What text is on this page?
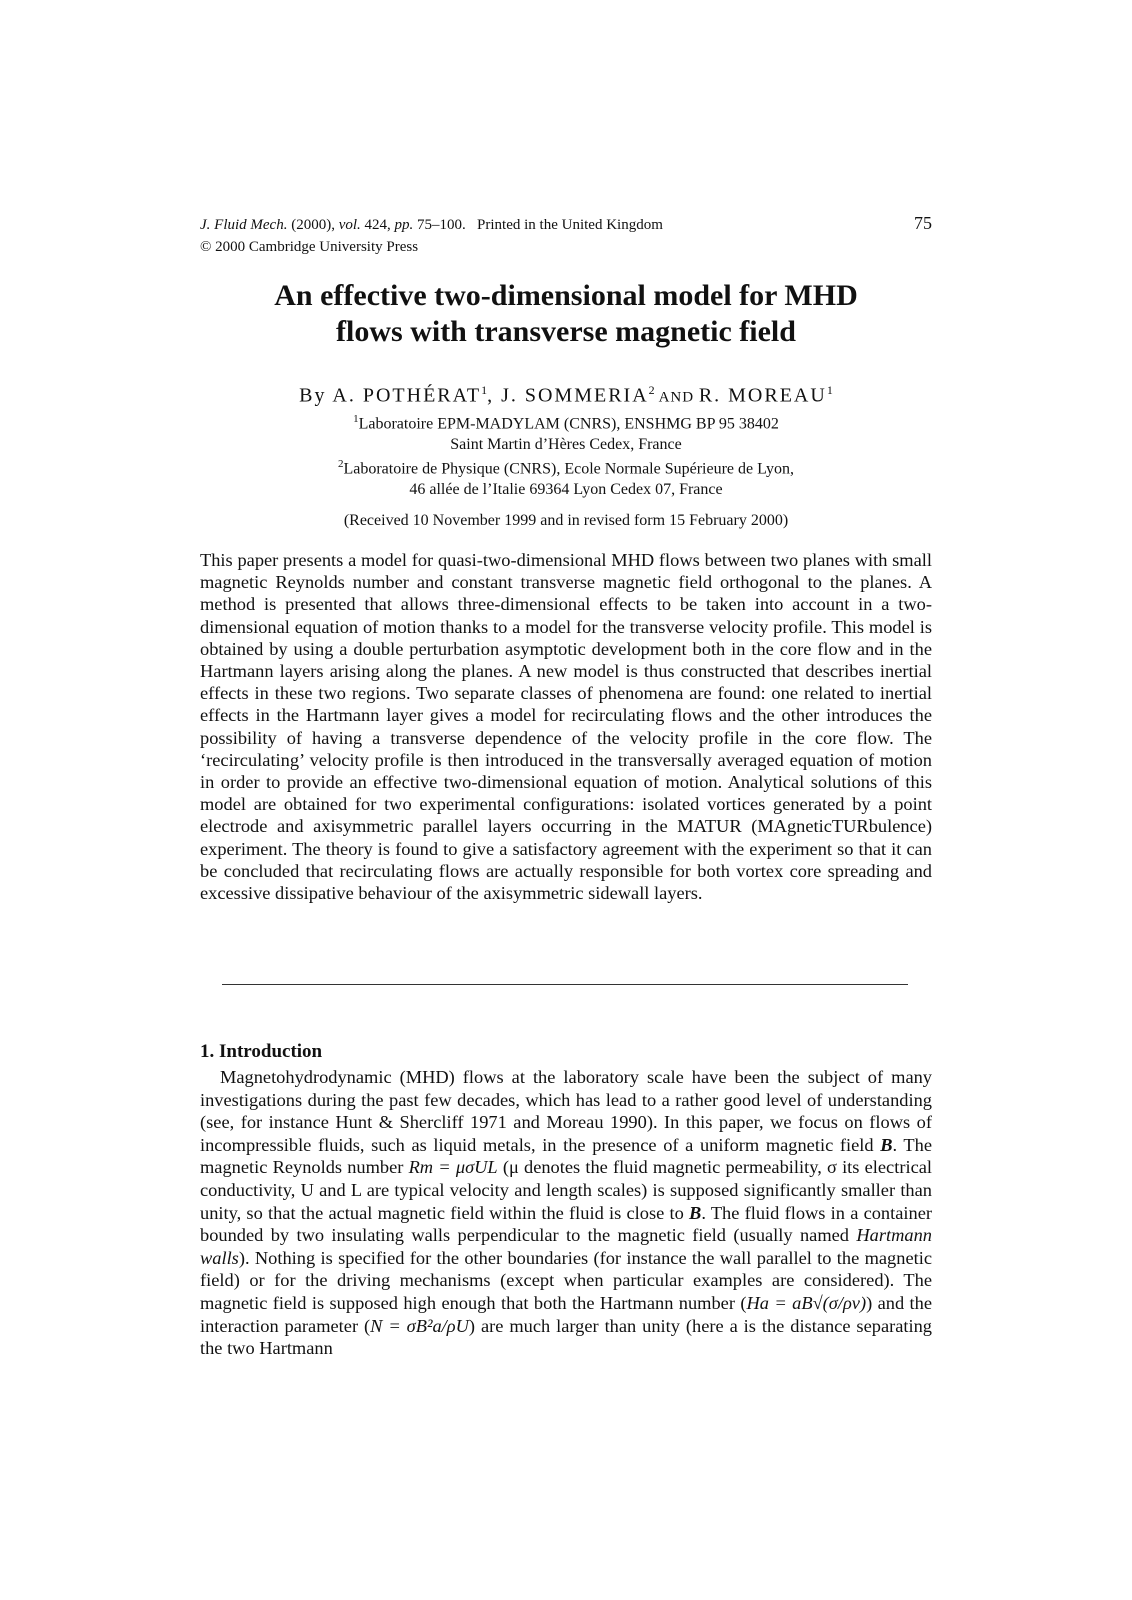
J. Fluid Mech. (2000), vol. 424, pp. 75–100. Printed in the United Kingdom	75
© 2000 Cambridge University Press
An effective two-dimensional model for MHD
flows with transverse magnetic field
By A. POTHÉRAT$^1$, J. SOMMERIA$^2$ AND R. MOREAU$^1$
$^1$Laboratoire EPM-MADYLAM (CNRS), ENSHMG BP 95 38402
Saint Martin d’Hères Cedex, France
$^2$Laboratoire de Physique (CNRS), Ecole Normale Supérieure de Lyon,
46 allée de l’Italie 69364 Lyon Cedex 07, France
(Received 10 November 1999 and in revised form 15 February 2000)
This paper presents a model for quasi-two-dimensional MHD flows between two planes with small magnetic Reynolds number and constant transverse magnetic field orthogonal to the planes. A method is presented that allows three-dimensional effects to be taken into account in a two-dimensional equation of motion thanks to a model for the transverse velocity profile. This model is obtained by using a double perturbation asymptotic development both in the core flow and in the Hartmann layers arising along the planes. A new model is thus constructed that describes inertial effects in these two regions. Two separate classes of phenomena are found: one related to inertial effects in the Hartmann layer gives a model for recirculating flows and the other introduces the possibility of having a transverse dependence of the velocity profile in the core flow. The ‘recirculating’ velocity profile is then introduced in the transversally averaged equation of motion in order to provide an effective two-dimensional equation of motion. Analytical solutions of this model are obtained for two experimental configurations: isolated vortices generated by a point electrode and axisymmetric parallel layers occurring in the MATUR (MAgneticTURbulence) experiment. The theory is found to give a satisfactory agreement with the experiment so that it can be concluded that recirculating flows are actually responsible for both vortex core spreading and excessive dissipative behaviour of the axisymmetric sidewall layers.
1. Introduction
Magnetohydrodynamic (MHD) flows at the laboratory scale have been the subject of many investigations during the past few decades, which has lead to a rather good level of understanding (see, for instance Hunt & Shercliff 1971 and Moreau 1990). In this paper, we focus on flows of incompressible fluids, such as liquid metals, in the presence of a uniform magnetic field B. The magnetic Reynolds number Rm = μσUL (μ denotes the fluid magnetic permeability, σ its electrical conductivity, U and L are typical velocity and length scales) is supposed significantly smaller than unity, so that the actual magnetic field within the fluid is close to B. The fluid flows in a container bounded by two insulating walls perpendicular to the magnetic field (usually named Hartmann walls). Nothing is specified for the other boundaries (for instance the wall parallel to the magnetic field) or for the driving mechanisms (except when particular examples are considered). The magnetic field is supposed high enough that both the Hartmann number (Ha = aB√(σ/ρν)) and the interaction parameter (N = σB²a/ρU) are much larger than unity (here a is the distance separating the two Hartmann
